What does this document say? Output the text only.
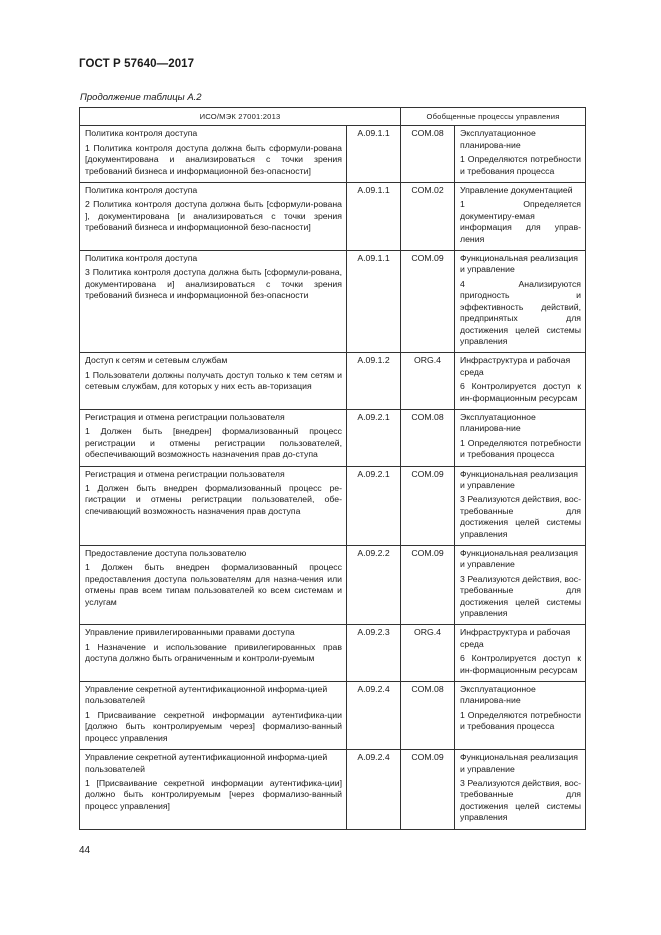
ГОСТ Р 57640—2017
Продолжение таблицы А.2
ИСО/МЭК 27001:2013		Обобщенные процессы управления	

Политика контроля доступа
1 Политика контроля доступа должна быть сформули-рована [документирована и анализироваться с точки зрения требований бизнеса и информационной без-опасности]	A.09.1.1	COM.08	Эксплуатационное планирова-ние
1 Определяются потребности и требования процесса

Политика контроля доступа
2 Политика контроля доступа должна быть [сформули-рована ], документирована [и анализироваться с точки зрения требований бизнеса и информационной безо-пасности]	A.09.1.1	COM.02	Управление документацией
1 Определяется документиру-емая информация для управ-ления

Политика контроля доступа
3 Политика контроля доступа должна быть [сформули-рована, документирована и] анализироваться с точки зрения требований бизнеса и информационной без-опасности	A.09.1.1	COM.09	Функциональная реализация и управление
4 Анализируются пригодность и эффективность действий, предпринятых для достижения целей системы управления

Доступ к сетям и сетевым службам
1 Пользователи должны получать доступ только к тем сетям и сетевым службам, для которых у них есть ав-торизация	A.09.1.2	ORG.4	Инфраструктура и рабочая среда
6 Контролируется доступ к ин-формационным ресурсам

Регистрация и отмена регистрации пользователя
1 Должен быть [внедрен] формализованный процесс регистрации и отмены регистрации пользователей, обеспечивающий возможность назначения прав до-ступа	A.09.2.1	COM.08	Эксплуатационное планирова-ние
1 Определяются потребности и требования процесса

Регистрация и отмена регистрации пользователя
1 Должен быть внедрен формализованный процесс ре-гистрации и отмены регистрации пользователей, обе-спечивающий возможность назначения прав доступа	A.09.2.1	COM.09	Функциональная реализация и управление
3 Реализуются действия, вос-требованные для достижения целей системы управления

Предоставление доступа пользователю
1 Должен быть внедрен формализованный процесс предоставления доступа пользователям для назна-чения или отмены прав всем типам пользователей ко всем системам и услугам	A.09.2.2	COM.09	Функциональная реализация и управление
3 Реализуются действия, вос-требованные для достижения целей системы управления

Управление привилегированными правами доступа
1 Назначение и использование привилегированных прав доступа должно быть ограниченным и контроли-руемым	A.09.2.3	ORG.4	Инфраструктура и рабочая среда
6 Контролируется доступ к ин-формационным ресурсам

Управление секретной аутентификационной информа-цией пользователей
1 Присваивание секретной информации аутентифика-ции [должно быть контролируемым через] формализо-ванный процесс управления	A.09.2.4	COM.08	Эксплуатационное планирова-ние
1 Определяются потребности и требования процесса

Управление секретной аутентификационной информа-цией пользователей
1 [Присваивание секретной информации аутентифика-ции] должно быть контролируемым [через формализо-ванный процесс управления]	A.09.2.4	COM.09	Функциональная реализация и управление
3 Реализуются действия, вос-требованные для достижения целей системы управления
44
